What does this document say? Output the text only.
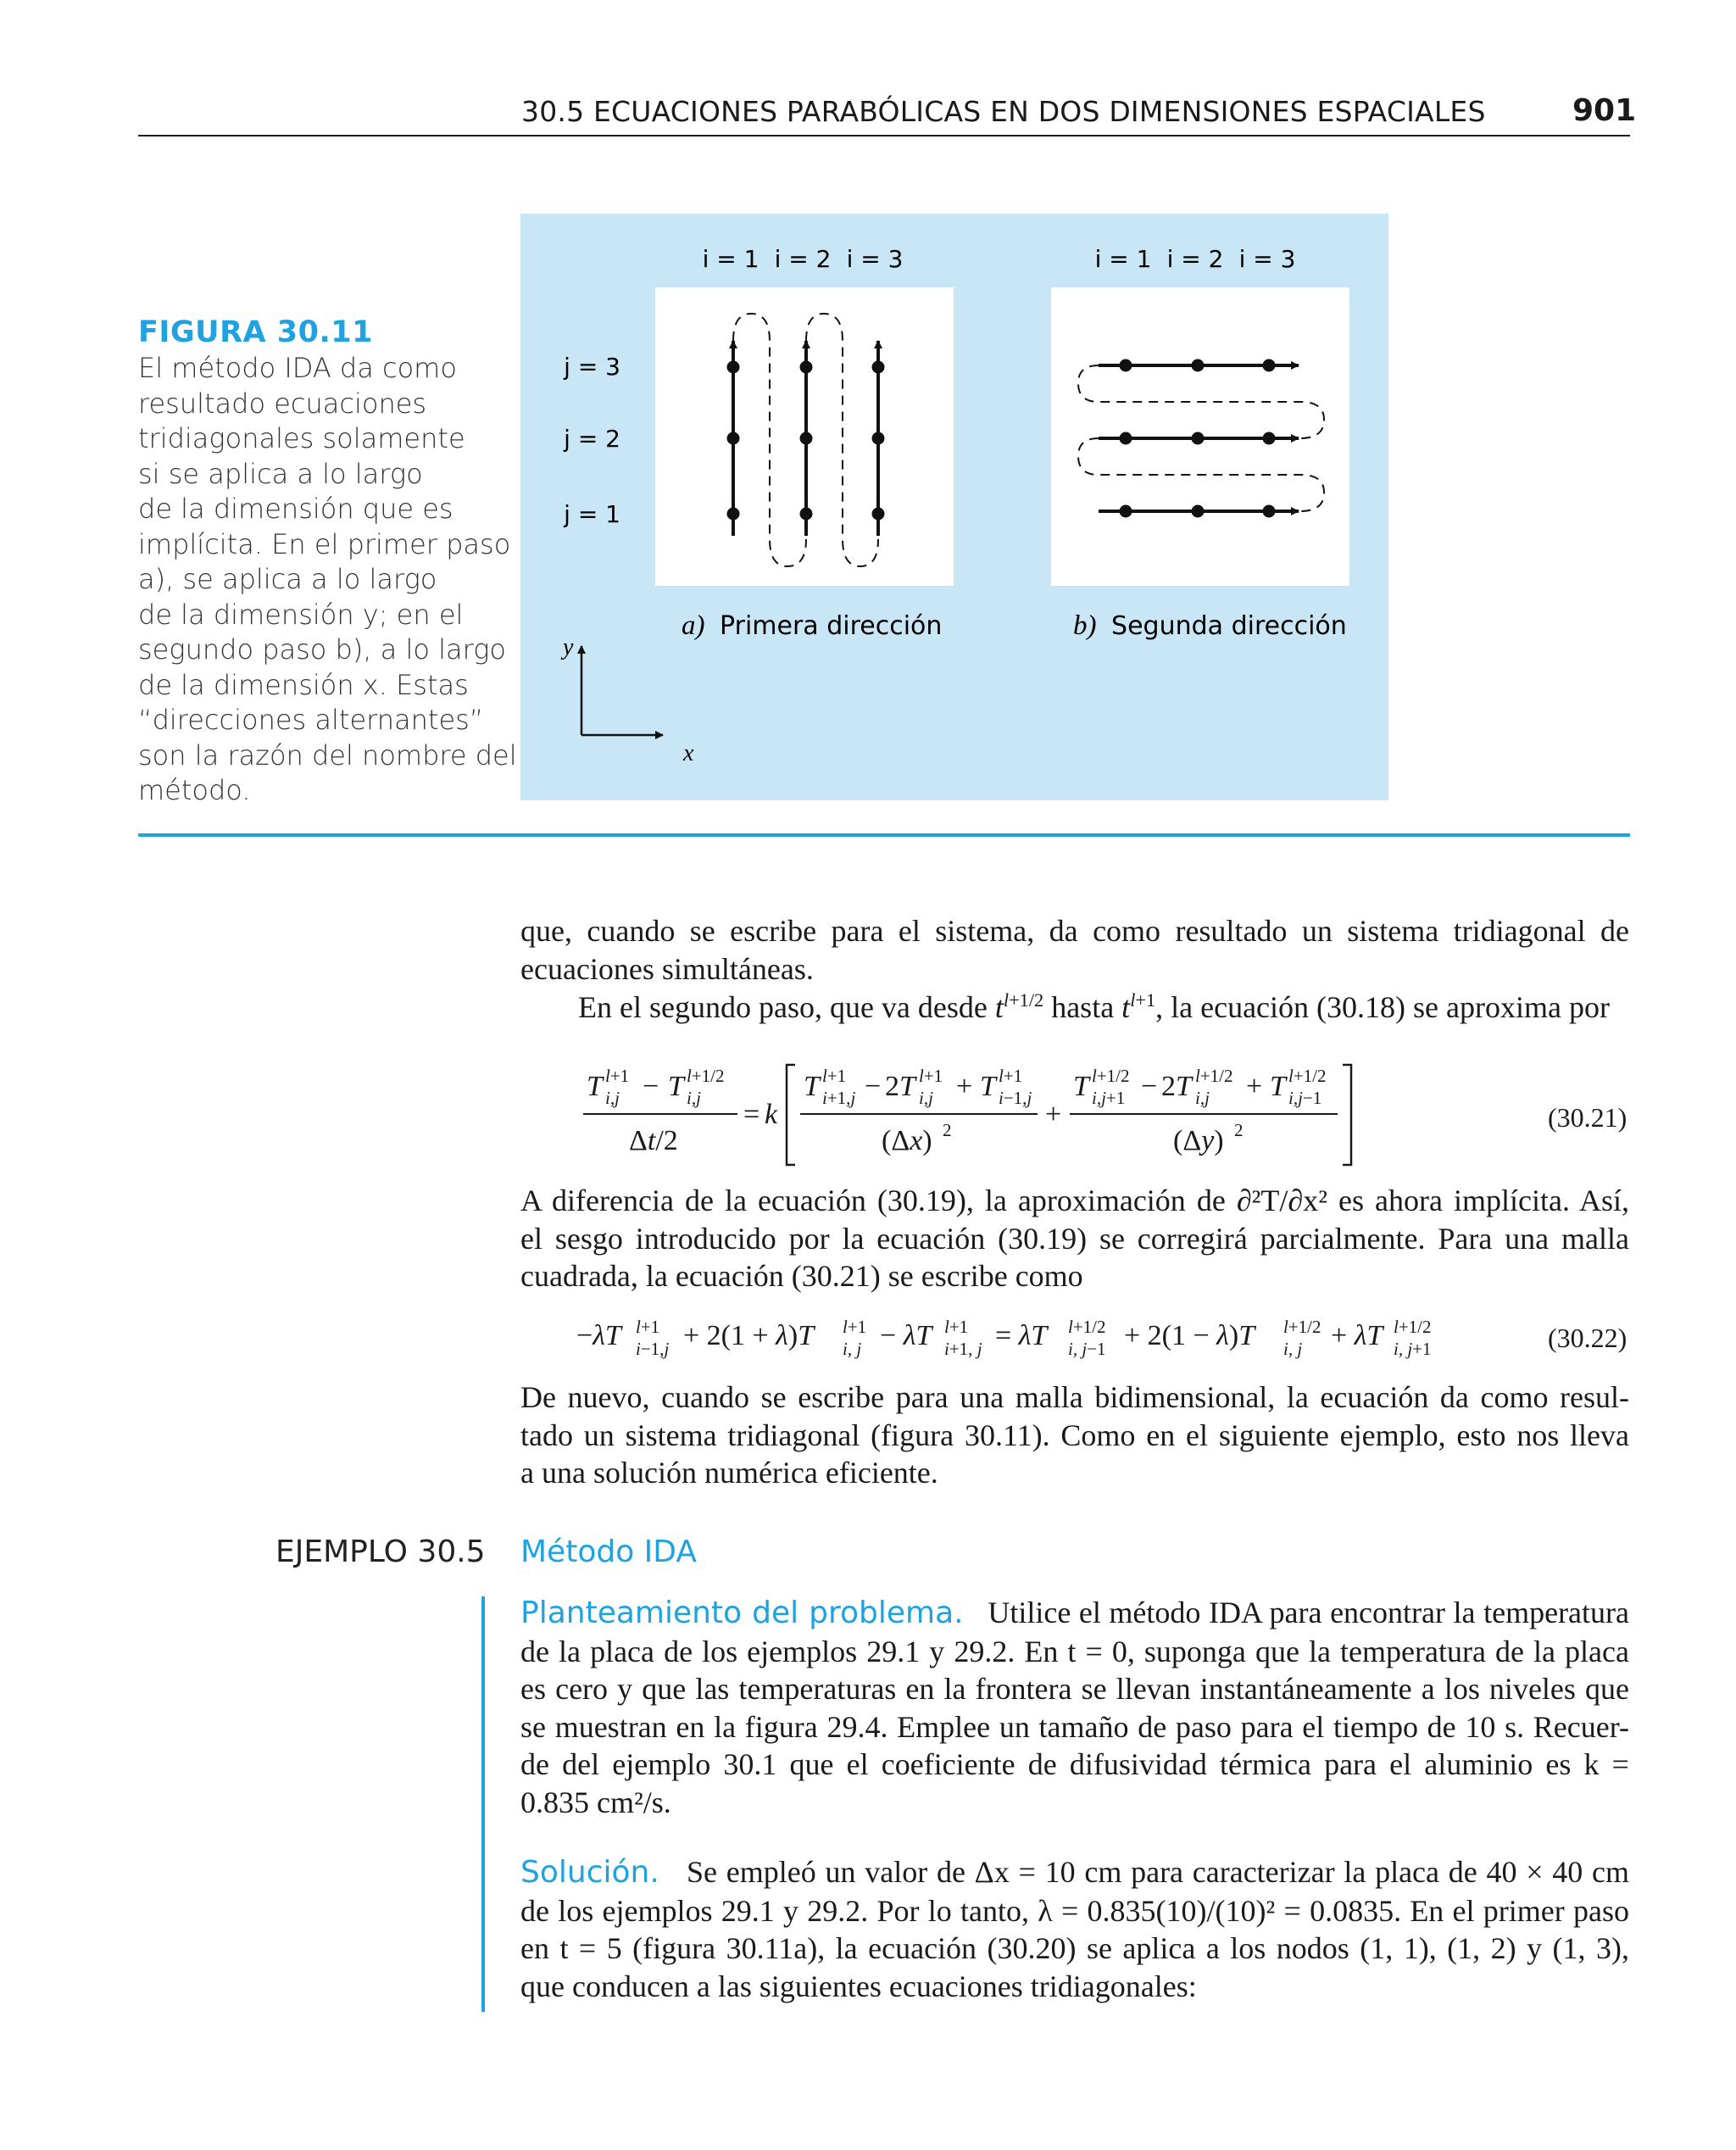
30.5 ECUACIONES PARABÓLICAS EN DOS DIMENSIONES ESPACIALES	901
FIGURA 30.11
El método IDA da como
resultado ecuaciones
tridiagonales solamente
si se aplica a lo largo
de la dimensión que es
implícita. En el primer paso
a), se aplica a lo largo
de la dimensión y; en el
segundo paso b), a lo largo
de la dimensión x. Estas
“direcciones alternantes”
son la razón del nombre del
método.
i = 1 i = 2 i = 3	i = 1 i = 2 i = 3
j = 3
j = 2
j = 1
a) Primera dirección	b) Segunda dirección
y
x
que, cuando se escribe para el sistema, da como resultado un sistema tridiagonal de
ecuaciones simultáneas.
En el segundo paso, que va desde $t^{l+1/2}$ hasta $t^{l+1}$, la ecuación (30.18) se aproxima por
T l+1
i,j − T l+1/2
i,j
Δt/2
= k
T l+1
i+1,j − 2T l+1
i,j + T l+1
i−1,j
(Δx) 2	+
T l+1/2
i,j+1 − 2T l+1/2
i,j + T l+1/2
i,j−1
(Δy) 2	(30.21)
A diferencia de la ecuación (30.19), la aproximación de ∂²T/∂x² es ahora implícita. Así,
el sesgo introducido por la ecuación (30.19) se corregirá parcialmente. Para una malla
cuadrada, la ecuación (30.21) se escribe como
−λT l+1
i−1,j + 2(1 + λ)T l+1
i, j − λT l+1
i+1, j = λT l+1/2
i, j−1 + 2(1 − λ)T l+1/2
i, j + λT l+1/2
i, j+1	(30.22)
De nuevo, cuando se escribe para una malla bidimensional, la ecuación da como resul-
tado un sistema tridiagonal (figura 30.11). Como en el siguiente ejemplo, esto nos lleva
a una solución numérica eficiente.
EJEMPLO 30.5 Método IDA
Planteamiento del problema. Utilice el método IDA para encontrar la temperatura
de la placa de los ejemplos 29.1 y 29.2. En t = 0, suponga que la temperatura de la placa
es cero y que las temperaturas en la frontera se llevan instantáneamente a los niveles que
se muestran en la figura 29.4. Emplee un tamaño de paso para el tiempo de 10 s. Recuer-
de del ejemplo 30.1 que el coeficiente de difusividad térmica para el aluminio es k =
0.835 cm²/s.
Solución. Se empleó un valor de Δx = 10 cm para caracterizar la placa de 40 × 40 cm
de los ejemplos 29.1 y 29.2. Por lo tanto, λ = 0.835(10)/(10)² = 0.0835. En el primer paso
en t = 5 (figura 30.11a), la ecuación (30.20) se aplica a los nodos (1, 1), (1, 2) y (1, 3),
que conducen a las siguientes ecuaciones tridiagonales:
